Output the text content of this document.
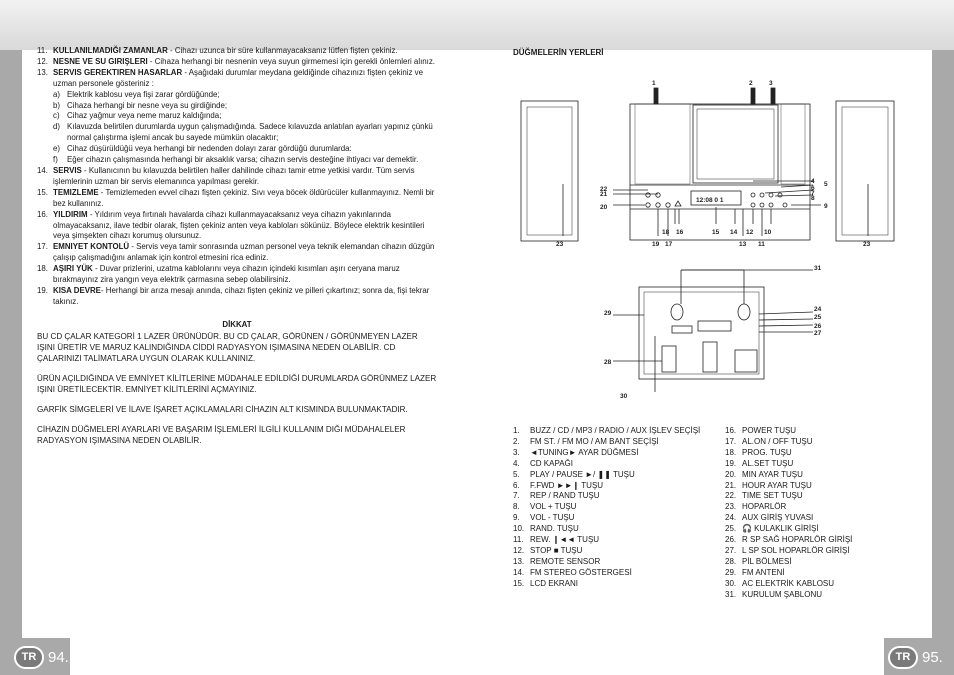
TR 94.	TR 95.
11. KULLANILMADIĞI ZAMANLAR - Cihazı uzunca bir süre kullanmayacaksanız lütfen fişten çekiniz.
12. NESNE VE SU GIRIŞLERI - Cihaza herhangi bir nesnenin veya suyun girmemesi için gerekli önlemleri alınız.
13. SERVIS GEREKTIREN HASARLAR - Aşağıdaki durumlar meydana geldiğinde cihazınızı fişten çekiniz ve uzman personele gösteriniz :
a) Elektrik kablosu veya fişi zarar gördüğünde;
b) Cihaza herhangi bir nesne veya su girdiğinde;
c) Cihaz yağmur veya neme maruz kaldığında;
d) Kılavuzda belirtilen durumlarda uygun çalışmadığında. Sadece kılavuzda anlatılan ayarları yapınız çünkü normal çalıştırma işlemi ancak bu sayede mümkün olacaktır;
e) Cihaz düşürüldüğü veya herhangi bir nedenden dolayı zarar gördüğü durumlarda:
f)	Eğer cihazın çalışmasında herhangi bir aksaklık varsa; cihazın servis desteğine ihtiyacı var demektir.
14. SERVIS - Kullanıcının bu kılavuzda belirtilen haller dahilinde cihazı tamir etme yetkisi vardır. Tüm servis işlemlerinin uzman bir servis elemanınca yapılması gerekir.
15. TEMIZLEME - Temizlemeden evvel cihazı fişten çekiniz. Sıvı veya böcek öldürücüler kullanmayınız. Nemli bir bez kullanınız.
16. YILDIRIM - Yıldırım veya fırtınalı havalarda cihazı kullanmayacaksanız veya cihazın yakınlarında olmayacaksanız, ilave tedbir olarak, fişten çekiniz anten veya kabloları sökünüz. Böylece elektrik kesintileri veya şimşekten cihazı korumuş olursunuz.
17. EMNIYET KONTOLÜ - Servis veya tamir sonrasında uzman personel veya teknik elemandan cihazın düzgün çalışıp çalışmadığını anlamak için kontrol etmesini rica ediniz.
18. AŞIRI YÜK - Duvar prizlerini, uzatma kablolarını veya cihazın içindeki kısımları aşırı ceryana maruz bırakmayınız zira yangın veya elektrik çarmasına sebep olabilirsiniz.
19. KISA DEVRE- Herhangi bir arıza mesajı anında, cihazı fişten çekiniz ve pilleri çıkartınız; sonra da, fişi tekrar takınız.
DİKKAT

BU CD ÇALAR KATEGORİ 1 LAZER ÜRÜNÜDÜR. BU CD ÇALAR, GÖRÜNEN / GÖRÜNMEYEN LAZER IŞINI ÜRETİR VE MARUZ KALINDIĞINDA CİDDİ RADYASYON IŞIMASINA NEDEN OLABİLİR. CD ÇALARINIZI TALİMATLARA UYGUN OLARAK KULLANINIZ.

ÜRÜN AÇILDIĞINDA VE EMNİYET KİLİTLERİNE MÜDAHALE EDİLDİĞİ DURUMLARDA GÖRÜNMEZ LAZER IŞINI ÜRETİLECEKTİR. EMNİYET KİLİTLERİNİ AÇMAYINIZ.

GARFİK SİMGELERİ VE İLAVE İŞARET AÇIKLAMALARI CİHAZIN ALT KISMINDA BULUNMAKTADIR.

CİHAZIN DÜĞMELERİ AYARLARI VE BAŞARIM İŞLEMLERİ İLGİLİ KULLANIM DIĞI MÜDAHALELER RADYASYON IŞIMASINA NEDEN OLABİLİR.

DÜĞMELERİN YERLERİ
12:08 0 1
1	2	3
4 5
6
7
8
9
10
11
12
13
14
15
16
17
18
19
20
21
22
23	23
24
25
26
27
28
29
30
31
1.	BUZZ / CD / MP3 / RADIO / AUX İŞLEV SEÇİŞİ
2.	FM ST. / FM MO / AM BANT SEÇİŞİ
3.	◄TUNING► AYAR DÜĞMESİ
4.	CD KAPAĞI
5.	PLAY / PAUSE ►/ ❚❚ TUŞU
6.	F.FWD ►►❙ TUŞU
7.	REP / RAND TUŞU
8.	VOL + TUŞU
9.	VOL - TUŞU
10. RAND. TUŞU
11. REW. ❙◄◄ TUŞU
12. STOP ■ TUŞU
13. REMOTE SENSOR
14. FM STEREO GÖSTERGESİ
15. LCD EKRANI
16. POWER TUŞU
17. AL.ON / OFF TUŞU
18. PROG. TUŞU
19. AL.SET TUŞU
20. MIN AYAR TUŞU
21. HOUR AYAR TUŞU
22. TIME SET TUŞU
23. HOPARLÖR
24. AUX GİRİŞ YUVASI
25. 🎧 KULAKLIK GİRİŞİ
26. R SP SAĞ HOPARLÖR GİRİŞİ
27. L SP SOL HOPARLÖR GİRİŞİ
28. PİL BÖLMESİ
29. FM ANTENİ
30. AC ELEKTRİK KABLOSU
31. KURULUM ŞABLONU
